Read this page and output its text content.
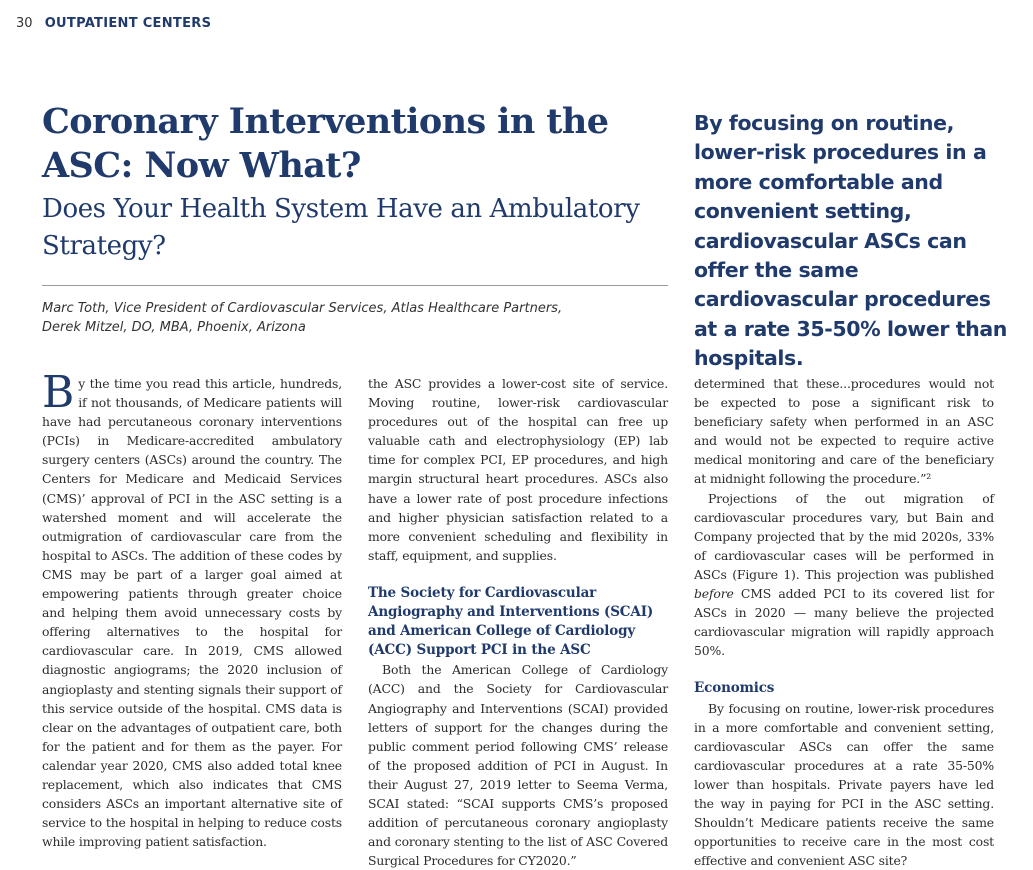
30 OUTPATIENT CENTERS
Coronary Interventions in the ASC: Now What?
Does Your Health System Have an Ambulatory Strategy?
Marc Toth, Vice President of Cardiovascular Services, Atlas Healthcare Partners,
Derek Mitzel, DO, MBA, Phoenix, Arizona
By focusing on routine, lower-risk procedures in a more comfortable and convenient setting, cardiovascular ASCs can offer the same cardiovascular procedures at a rate 35-50% lower than hospitals.

By the time you read this article, hundreds, if not thousands, of Medicare patients will have had percutaneous coronary interventions (PCIs) in Medicare-accredited ambulatory surgery centers (ASCs) around the country. The Centers for Medicare and Medicaid Services (CMS)’ approval of PCI in the ASC setting is a watershed moment and will accelerate the outmigration of cardiovascular care from the hospital to ASCs. The addition of these codes by CMS may be part of a larger goal aimed at empowering patients through greater choice and helping them avoid unnecessary costs by offering alternatives to the hospital for cardiovascular care. In 2019, CMS allowed diagnostic angiograms; the 2020 inclusion of angioplasty and stenting signals their support of this service outside of the hospital. CMS data is clear on the advantages of outpatient care, both for the patient and for them as the payer. For calendar year 2020, CMS also added total knee replacement, which also indicates that CMS considers ASCs an important alternative site of service to the hospital in helping to reduce costs while improving patient satisfaction.

the ASC provides a lower-cost site of service. Moving routine, lower-risk cardiovascular procedures out of the hospital can free up valuable cath and electrophysiology (EP) lab time for complex PCI, EP procedures, and high margin structural heart procedures. ASCs also have a lower rate of post procedure infections and higher physician satisfaction related to a more convenient scheduling and flexibility in staff, equipment, and supplies.

The Society for Cardiovascular Angiography and Interventions (SCAI) and American College of Cardiology (ACC) Support PCI in the ASC

Both the American College of Cardiology (ACC) and the Society for Cardiovascular Angiography and Interventions (SCAI) provided letters of support for the changes during the public comment period following CMS’ release of the proposed addition of PCI in August. In their August 27, 2019 letter to Seema Verma, SCAI stated: “SCAI supports CMS’s proposed addition of percutaneous coronary angioplasty and coronary stenting to the list of ASC Covered Surgical Procedures for CY2020.”

determined that these...procedures would not be expected to pose a significant risk to beneficiary safety when performed in an ASC and would not be expected to require active medical monitoring and care of the beneficiary at midnight following the procedure.”²

Projections of the out migration of cardiovascular procedures vary, but Bain and Company projected that by the mid 2020s, 33% of cardiovascular cases will be performed in ASCs (Figure 1). This projection was published before CMS added PCI to its covered list for ASCs in 2020 — many believe the projected cardiovascular migration will rapidly approach 50%.

Economics

By focusing on routine, lower-risk procedures in a more comfortable and convenient setting, cardiovascular ASCs can offer the same cardiovascular procedures at a rate 35-50% lower than hospitals. Private payers have led the way in paying for PCI in the ASC setting. Shouldn’t Medicare patients receive the same opportunities to receive care in the most cost effective and convenient ASC site?
